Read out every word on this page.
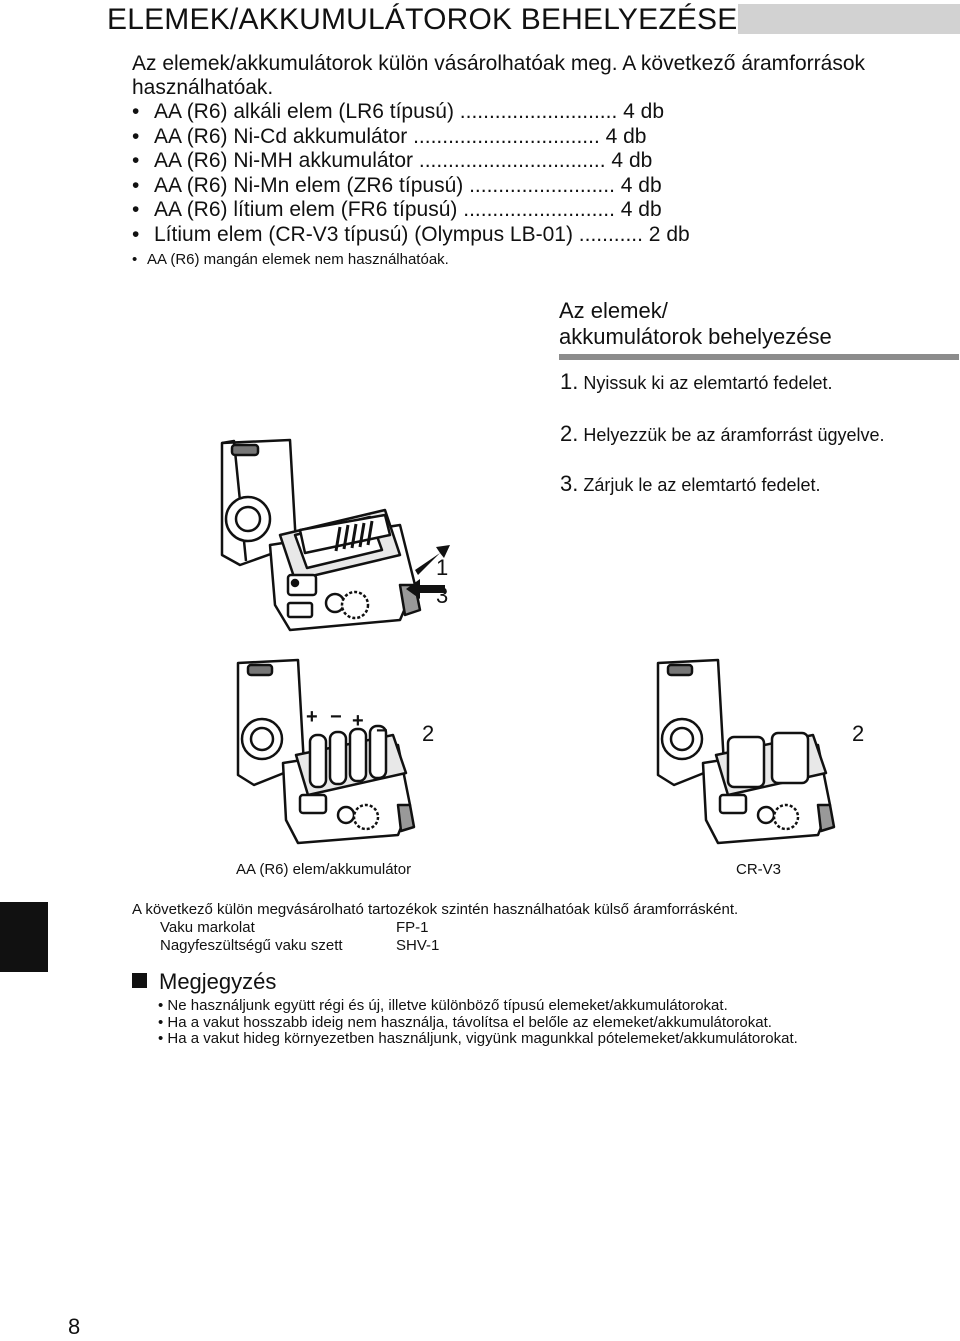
ELEMEK/AKKUMULÁTOROK BEHELYEZÉSE
Az elemek/akkumulátorok külön vásárolhatóak meg. A következő áramforrások használhatóak.
• AA (R6) alkáli elem (LR6 típusú) ........................... 4 db
• AA (R6) Ni-Cd akkumulátor ................................ 4 db
• AA (R6) Ni-MH akkumulátor ................................ 4 db
• AA (R6) Ni-Mn elem (ZR6 típusú) ......................... 4 db
• AA (R6) lítium elem (FR6 típusú) .......................... 4 db
• Lítium elem (CR-V3 típusú) (Olympus LB-01) ........... 2 db
• AA (R6) mangán elemek nem használhatóak.
Az elemek/
akkumulátorok behelyezése
1. Nyissuk ki az elemtartó fedelet.
2. Helyezzük be az áramforrást ügyelve.
3. Zárjuk le az elemtartó fedelet.
1
3
+ − + − 2
AA (R6) elem/akkumulátor
2
CR-V3
A következő külön megvásárolható tartozékok szintén használhatóak külső áramforrásként.
Vaku markolat	FP-1
Nagyfeszültségű vaku szett	SHV-1
Megjegyzés
• Ne használjunk együtt régi és új, illetve különböző típusú elemeket/akkumulátorokat.
• Ha a vakut hosszabb ideig nem használja, távolítsa el belőle az elemeket/akkumulátorokat.
• Ha a vakut hideg környezetben használjunk, vigyünk magunkkal pótelemeket/akkumulátorokat.
8
